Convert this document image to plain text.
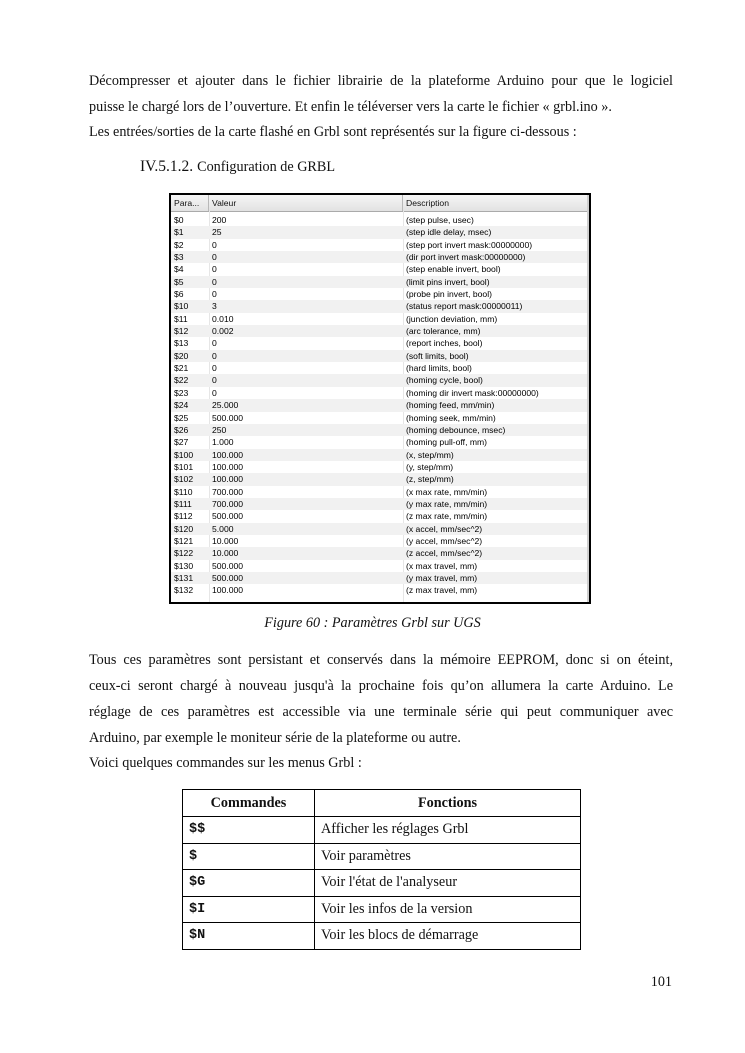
Décompresser et ajouter dans le fichier librairie de la plateforme Arduino pour que le logiciel

puisse le chargé lors de l’ouverture. Et enfin le téléverser vers la carte le fichier « grbl.ino ».

Les entrées/sorties de la carte flashé en Grbl sont représentés sur la figure ci-dessous :

IV.5.1.2. Configuration de GRBL
Para...	Valeur	Description
$0	200	(step pulse, usec)
$1	25	(step idle delay, msec)
$2	0	(step port invert mask:00000000)
$3	0	(dir port invert mask:00000000)
$4	0	(step enable invert, bool)
$5	0	(limit pins invert, bool)
$6	0	(probe pin invert, bool)
$10	3	(status report mask:00000011)
$11	0.010	(junction deviation, mm)
$12	0.002	(arc tolerance, mm)
$13	0	(report inches, bool)
$20	0	(soft limits, bool)
$21	0	(hard limits, bool)
$22	0	(homing cycle, bool)
$23	0	(homing dir invert mask:00000000)
$24	25.000	(homing feed, mm/min)
$25	500.000	(homing seek, mm/min)
$26	250	(homing debounce, msec)
$27	1.000	(homing pull-off, mm)
$100	100.000	(x, step/mm)
$101	100.000	(y, step/mm)
$102	100.000	(z, step/mm)
$110	700.000	(x max rate, mm/min)
$111	700.000	(y max rate, mm/min)
$112	500.000	(z max rate, mm/min)
$120	5.000	(x accel, mm/sec^2)
$121	10.000	(y accel, mm/sec^2)
$122	10.000	(z accel, mm/sec^2)
$130	500.000	(x max travel, mm)
$131	500.000	(y max travel, mm)
$132	100.000	(z max travel, mm)
Figure 60 : Paramètres Grbl sur UGS

Tous ces paramètres sont persistant et conservés dans la mémoire EEPROM, donc si on éteint,

ceux-ci seront chargé à nouveau jusqu'à la prochaine fois qu’on allumera la carte Arduino. Le

réglage de ces paramètres est accessible via une terminale série qui peut communiquer avec

Arduino, par exemple le moniteur série de la plateforme ou autre.

Voici quelques commandes sur les menus Grbl :

Commandes	Fonctions
$$	Afficher les réglages Grbl
$	Voir paramètres
$G	Voir l'état de l'analyseur
$I	Voir les infos de la version
$N	Voir les blocs de démarrage
101
